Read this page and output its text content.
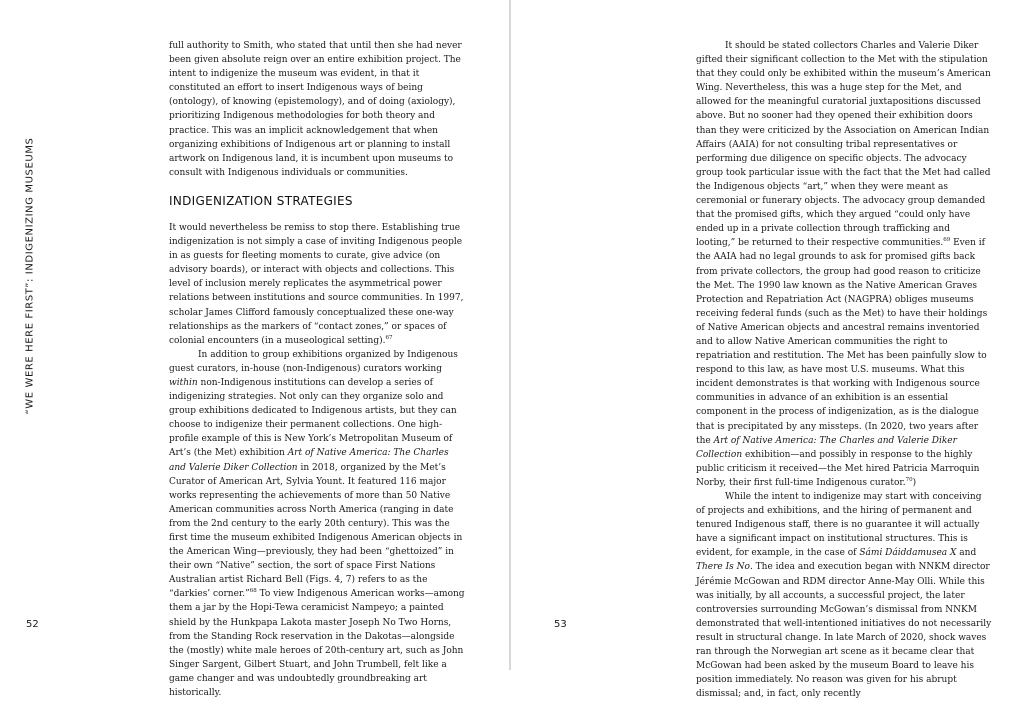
“WE WERE HERE FIRST”: INDIGENIZING MUSEUMS

full authority to Smith, who stated that until then she had never been given absolute reign over an entire exhibition project. The intent to indigenize the museum was evident, in that it constituted an effort to insert Indigenous ways of being (ontology), of knowing (epistemology), and of doing (axiology), prioritizing Indigenous methodologies for both theory and practice. This was an implicit acknowledgement that when organizing exhibitions of Indigenous art or planning to install artwork on Indigenous land, it is incumbent upon museums to consult with Indigenous individuals or communities.

INDIGENIZATION STRATEGIES

It would nevertheless be remiss to stop there. Establishing true indigenization is not simply a case of inviting Indigenous people in as guests for fleeting moments to curate, give advice (on advisory boards), or interact with objects and collections. This level of inclusion merely replicates the asymmetrical power relations between institutions and source communities. In 1997, scholar James Clifford famously conceptualized these one-way relationships as the markers of “contact zones,” or spaces of colonial encounters (in a museological setting).$^{67}$

In addition to group exhibitions organized by Indigenous guest curators, in-house (non-Indigenous) curators working within non-Indigenous institutions can develop a series of indigenizing strategies. Not only can they organize solo and group exhibitions dedicated to Indigenous artists, but they can choose to indigenize their permanent collections. One high-profile example of this is New York’s Metropolitan Museum of Art’s (the Met) exhibition Art of Native America: The Charles and Valerie Diker Collection in 2018, organized by the Met’s Curator of American Art, Sylvia Yount. It featured 116 major works representing the achievements of more than 50 Native American communities across North America (ranging in date from the 2nd century to the early 20th century). This was the first time the museum exhibited Indigenous American objects in the American Wing—previously, they had been “ghettoized” in their own “Native” section, the sort of space First Nations Australian artist Richard Bell (Figs. 4, 7) refers to as the “darkies’ corner.”$^{68}$ To view Indigenous American works—among them a jar by the Hopi-Tewa ceramicist Nampeyo; a painted shield by the Hunkpapa Lakota master Joseph No Two Horns, from the Standing Rock reservation in the Dakotas—alongside the (mostly) white male heroes of 20th-century art, such as John Singer Sargent, Gilbert Stuart, and John Trumbell, felt like a game changer and was undoubtedly groundbreaking art historically.

52

It should be stated collectors Charles and Valerie Diker gifted their significant collection to the Met with the stipulation that they could only be exhibited within the museum’s American Wing. Nevertheless, this was a huge step for the Met, and allowed for the meaningful curatorial juxtapositions discussed above. But no sooner had they opened their exhibition doors than they were criticized by the Association on American Indian Affairs (AAIA) for not consulting tribal representatives or performing due diligence on specific objects. The advocacy group took particular issue with the fact that the Met had called the Indigenous objects “art,” when they were meant as ceremonial or funerary objects. The advocacy group demanded that the promised gifts, which they argued “could only have ended up in a private collection through trafficking and looting,” be returned to their respective communities.$^{69}$ Even if the AAIA had no legal grounds to ask for promised gifts back from private collectors, the group had good reason to criticize the Met. The 1990 law known as the Native American Graves Protection and Repatriation Act (NAGPRA) obliges museums receiving federal funds (such as the Met) to have their holdings of Native American objects and ancestral remains inventoried and to allow Native American communities the right to repatriation and restitution. The Met has been painfully slow to respond to this law, as have most U.S. museums. What this incident demonstrates is that working with Indigenous source communities in advance of an exhibition is an essential component in the process of indigenization, as is the dialogue that is precipitated by any missteps. (In 2020, two years after the Art of Native America: The Charles and Valerie Diker Collection exhibition—and possibly in response to the highly public criticism it received—the Met hired Patricia Marroquin Norby, their first full-time Indigenous curator.$^{70}$)

While the intent to indigenize may start with conceiving of projects and exhibitions, and the hiring of permanent and tenured Indigenous staff, there is no guarantee it will actually have a significant impact on institutional structures. This is evident, for example, in the case of Sámi Dáiddamusea X and There Is No. The idea and execution began with NNKM director Jérémie McGowan and RDM director Anne-May Olli. While this was initially, by all accounts, a successful project, the later controversies surrounding McGowan’s dismissal from NNKM demonstrated that well-intentioned initiatives do not necessarily result in structural change. In late March of 2020, shock waves ran through the Norwegian art scene as it became clear that McGowan had been asked by the museum Board to leave his position immediately. No reason was given for his abrupt dismissal; and, in fact, only recently

53
